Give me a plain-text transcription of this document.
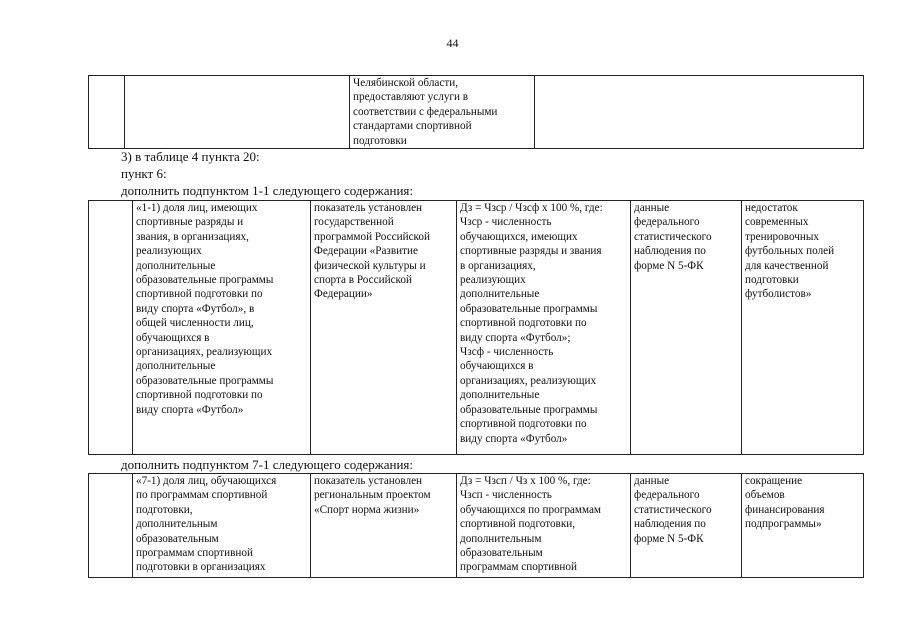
44
		Челябинской области,
предоставляют услуги в
соответствии с федеральными
стандартами спортивной
подготовки	
3) в таблице 4 пункта 20:
пункт 6:
дополнить подпунктом 1-1 следующего содержания:
	«1-1) доля лиц, имеющих
спортивные разряды и
звания, в организациях,
реализующих
дополнительные
образовательные программы
спортивной подготовки по
виду спорта «Футбол», в
общей численности лиц,
обучающихся в
организациях, реализующих
дополнительные
образовательные программы
спортивной подготовки по
виду спорта «Футбол»	показатель установлен
государственной
программой Российской
Федерации «Развитие
физической культуры и
спорта в Российской
Федерации»	Дз = Чзср / Чзсф x 100 %, где:
Чзср - численность
обучающихся, имеющих
спортивные разряды и звания
в организациях,
реализующих
дополнительные
образовательные программы
спортивной подготовки по
виду спорта «Футбол»;
Чзсф - численность
обучающихся в
организациях, реализующих
дополнительные
образовательные программы
спортивной подготовки по
виду спорта «Футбол»	данные
федерального
статистического
наблюдения по
форме N 5-ФК	недостаток
современных
тренировочных
футбольных полей
для качественной
подготовки
футболистов»
дополнить подпунктом 7-1 следующего содержания:
	«7-1) доля лиц, обучающихся
по программам спортивной
подготовки,
дополнительным
образовательным
программам спортивной
подготовки в организациях	показатель установлен
региональным проектом
«Спорт норма жизни»	Дз = Чзсп / Чз x 100 %, где:
Чзсп - численность
обучающихся по программам
спортивной подготовки,
дополнительным
образовательным
программам спортивной	данные
федерального
статистического
наблюдения по
форме N 5-ФК	сокращение
объемов
финансирования
подпрограммы»
